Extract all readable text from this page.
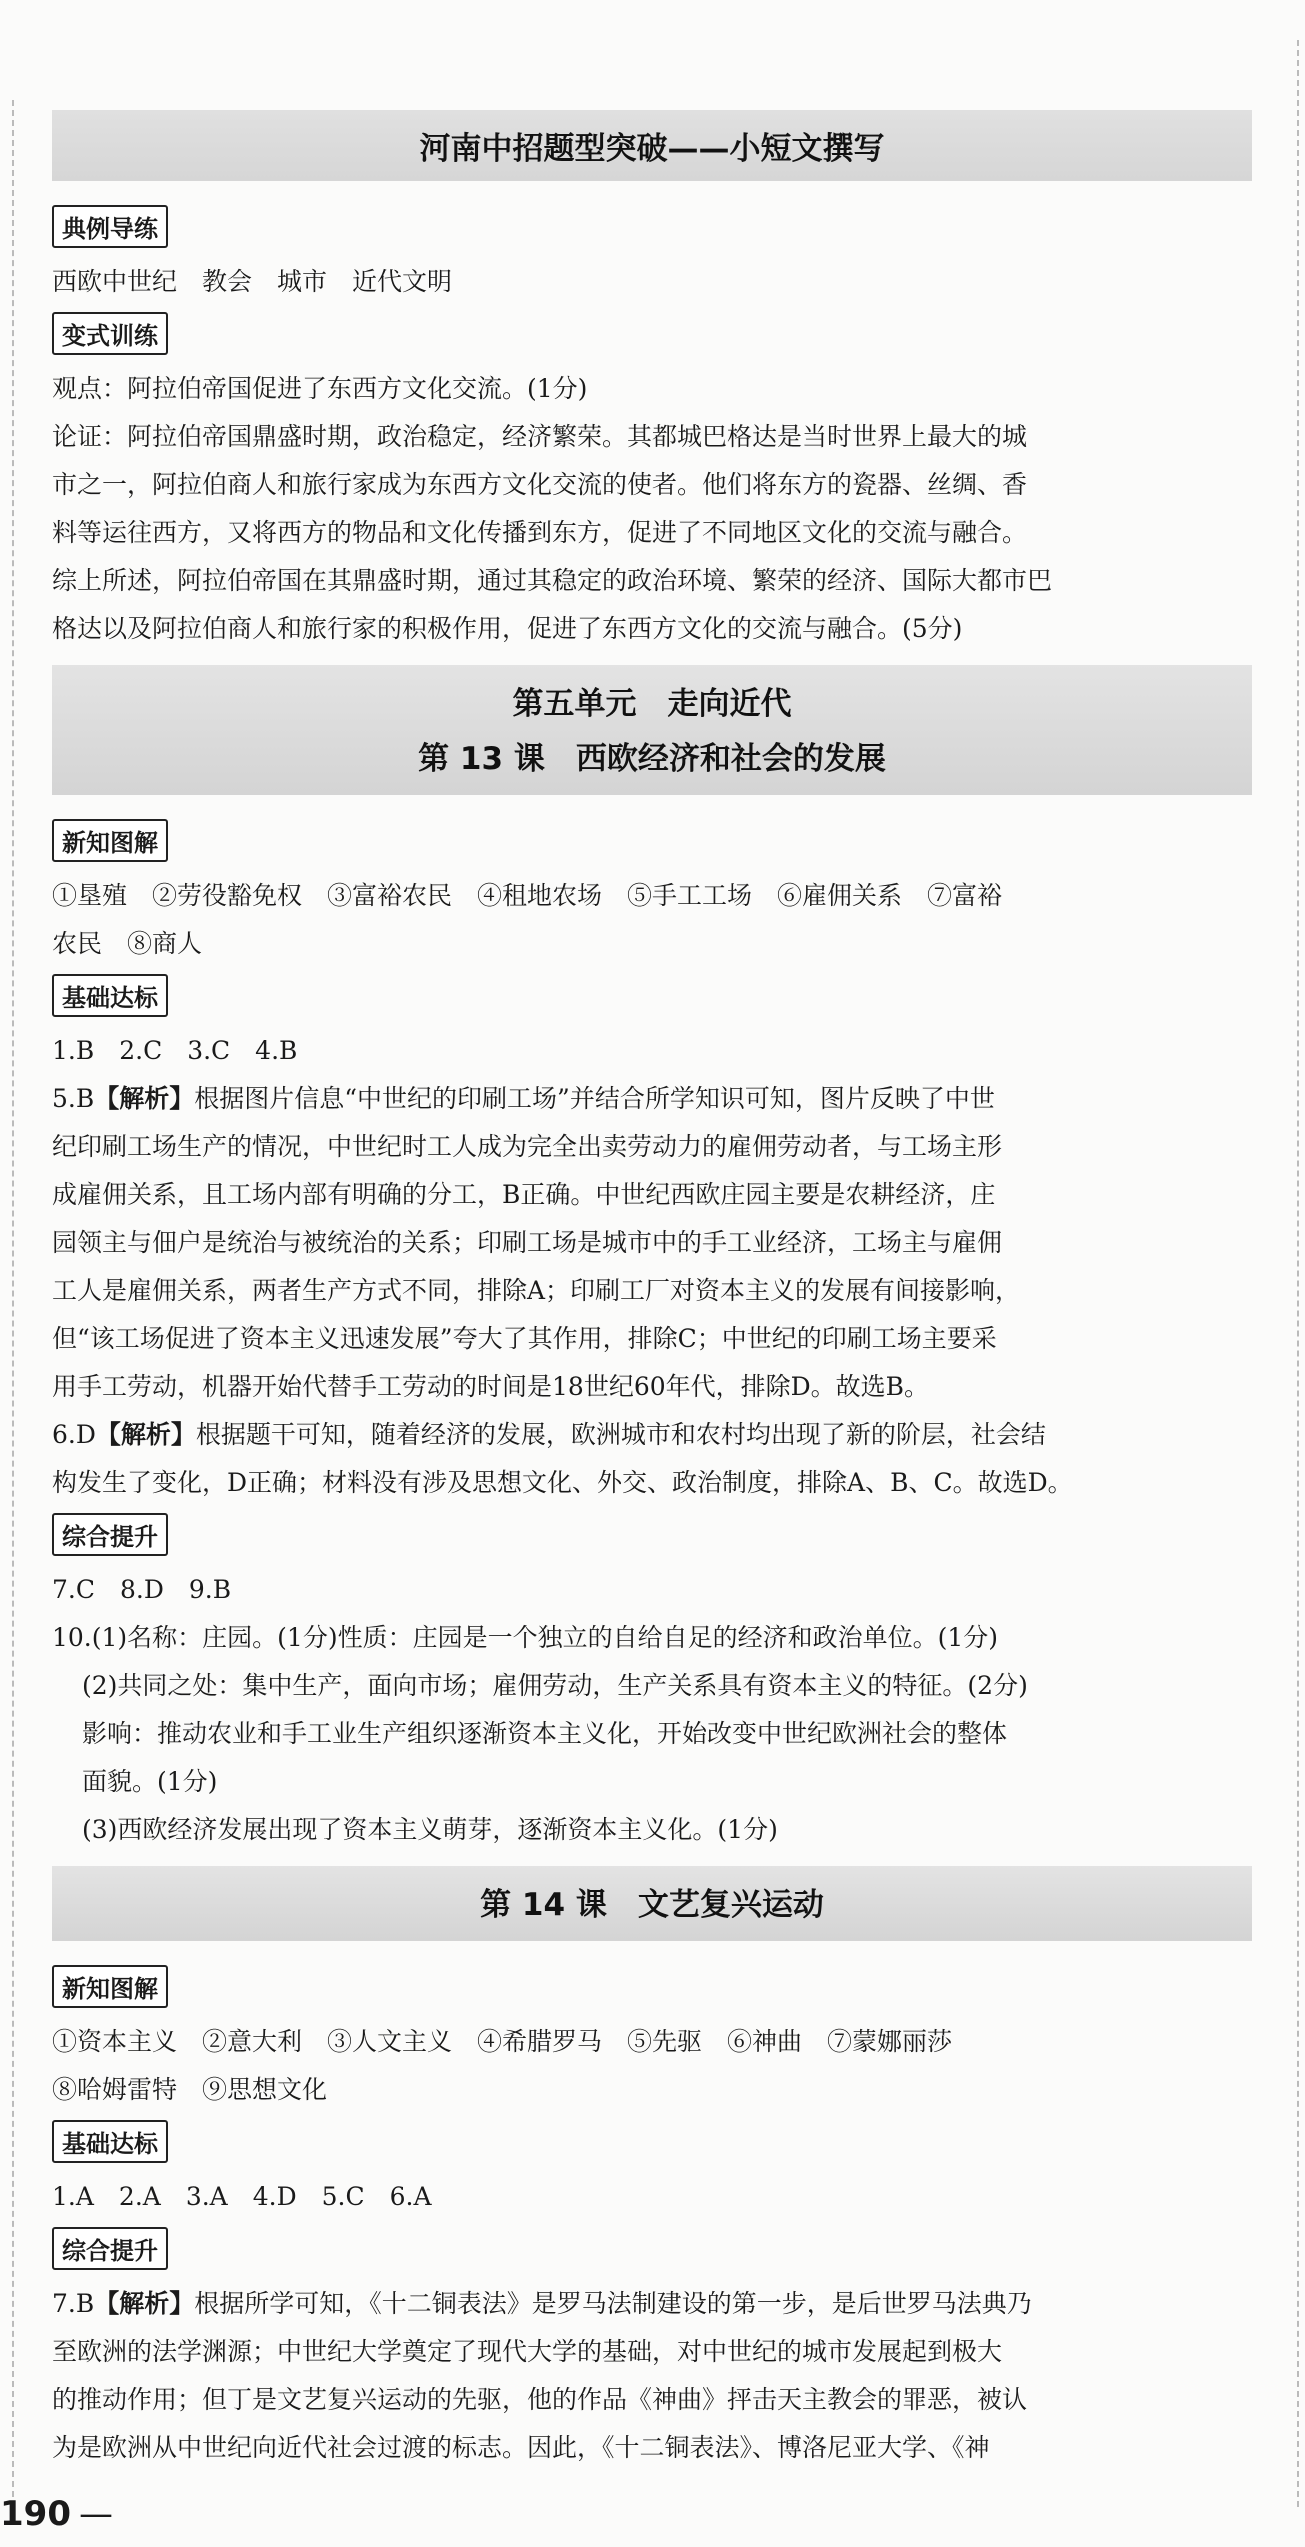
河南中招题型突破——小短文撰写
典例导练
西欧中世纪　教会　城市　近代文明
变式训练
观点：阿拉伯帝国促进了东西方文化交流。(1分)
论证：阿拉伯帝国鼎盛时期，政治稳定，经济繁荣。其都城巴格达是当时世界上最大的城
市之一，阿拉伯商人和旅行家成为东西方文化交流的使者。他们将东方的瓷器、丝绸、香
料等运往西方，又将西方的物品和文化传播到东方，促进了不同地区文化的交流与融合。
综上所述，阿拉伯帝国在其鼎盛时期，通过其稳定的政治环境、繁荣的经济、国际大都市巴
格达以及阿拉伯商人和旅行家的积极作用，促进了东西方文化的交流与融合。(5分)
第五单元　走向近代
第 13 课　西欧经济和社会的发展
新知图解
①垦殖　②劳役豁免权　③富裕农民　④租地农场　⑤手工工场　⑥雇佣关系　⑦富裕
农民　⑧商人
基础达标
1.B　2.C　3.C　4.B
5.B【解析】根据图片信息“中世纪的印刷工场”并结合所学知识可知，图片反映了中世
纪印刷工场生产的情况，中世纪时工人成为完全出卖劳动力的雇佣劳动者，与工场主形
成雇佣关系，且工场内部有明确的分工，B正确。中世纪西欧庄园主要是农耕经济，庄
园领主与佃户是统治与被统治的关系；印刷工场是城市中的手工业经济，工场主与雇佣
工人是雇佣关系，两者生产方式不同，排除A；印刷工厂对资本主义的发展有间接影响，
但“该工场促进了资本主义迅速发展”夸大了其作用，排除C；中世纪的印刷工场主要采
用手工劳动，机器开始代替手工劳动的时间是18世纪60年代，排除D。故选B。
6.D【解析】根据题干可知，随着经济的发展，欧洲城市和农村均出现了新的阶层，社会结
构发生了变化，D正确；材料没有涉及思想文化、外交、政治制度，排除A、B、C。故选D。
综合提升
7.C　8.D　9.B
10.(1)名称：庄园。(1分)性质：庄园是一个独立的自给自足的经济和政治单位。(1分)
(2)共同之处：集中生产，面向市场；雇佣劳动，生产关系具有资本主义的特征。(2分)
影响：推动农业和手工业生产组织逐渐资本主义化，开始改变中世纪欧洲社会的整体
面貌。(1分)
(3)西欧经济发展出现了资本主义萌芽，逐渐资本主义化。(1分)
第 14 课　文艺复兴运动
新知图解
①资本主义　②意大利　③人文主义　④希腊罗马　⑤先驱　⑥神曲　⑦蒙娜丽莎
⑧哈姆雷特　⑨思想文化
基础达标
1.A　2.A　3.A　4.D　5.C　6.A
综合提升
7.B【解析】根据所学可知，《十二铜表法》是罗马法制建设的第一步，是后世罗马法典乃
至欧洲的法学渊源；中世纪大学奠定了现代大学的基础，对中世纪的城市发展起到极大
的推动作用；但丁是文艺复兴运动的先驱，他的作品《神曲》抨击天主教会的罪恶，被认
为是欧洲从中世纪向近代社会过渡的标志。因此，《十二铜表法》、博洛尼亚大学、《神
190 —
